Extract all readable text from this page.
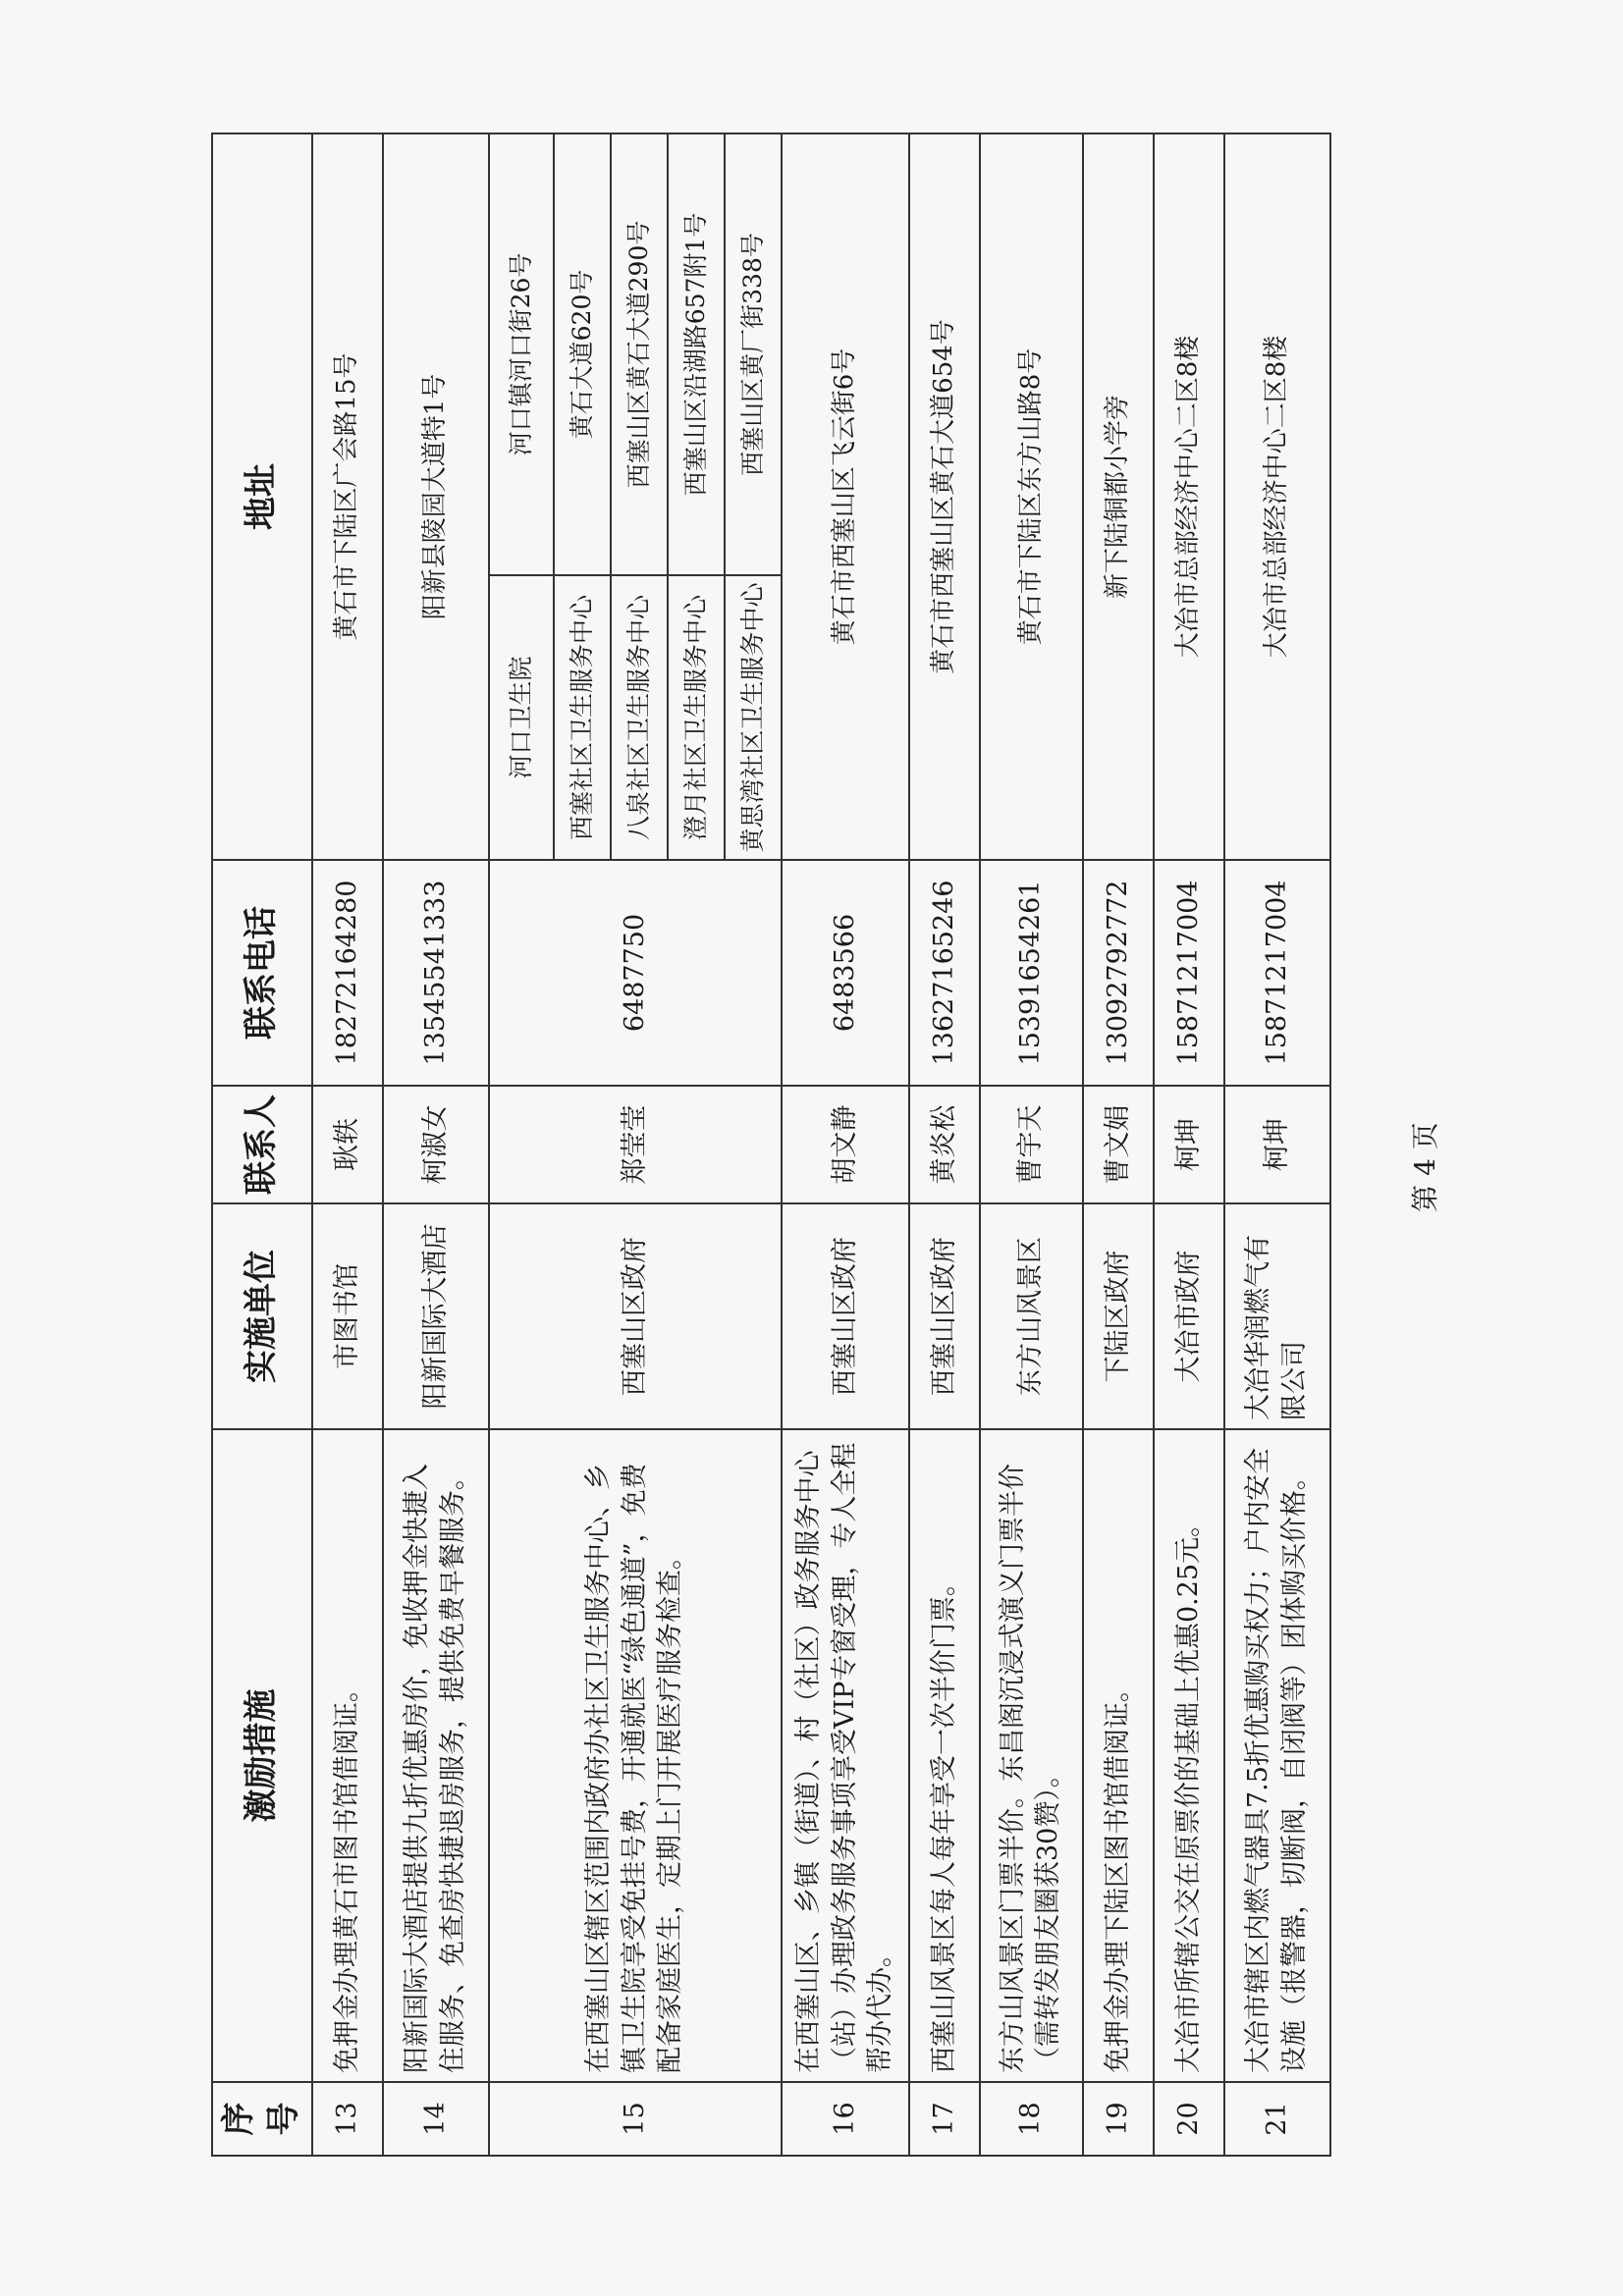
序号	激励措施	实施单位	联系人	联系电话	地址	
13	免押金办理黄石市图书馆借阅证。	市图书馆	耿轶	18272164280	黄石市下陆区广会路15号	
14	阳新国际大酒店提供九折优惠房价，免收押金快捷入住服务、免查房快捷退房服务，提供免费早餐服务。	阳新国际大酒店	柯淑女	13545541333	阳新县陵园大道特1号	
15	在西塞山区辖区范围内政府办社区卫生服务中心、乡镇卫生院享受免挂号费，开通就医“绿色通道”，免费配备家庭医生，定期上门开展医疗服务检查。	西塞山区政府	郑莹莹	6487750	河口卫生院	河口镇河口街26号
					西塞社区卫生服务中心	黄石大道620号
					八泉社区卫生服务中心	西塞山区黄石大道290号
					澄月社区卫生服务中心	西塞山区沿湖路657附1号
					黄思湾社区卫生服务中心	西塞山区黄厂街338号
16	在西塞山区、乡镇（街道）、村（社区）政务服务中心（站）办理政务服务事项享受VIP专窗受理，专人全程帮办代办。	西塞山区政府	胡文静	6483566	黄石市西塞山区飞云街6号	
17	西塞山风景区每人每年享受一次半价门票。	西塞山区政府	黄炎松	13627165246	黄石市西塞山区黄石大道654号	
18	东方山风景区门票半价。东昌阁沉浸式演义门票半价（需转发朋友圈获30赞）。	东方山风景区	曹宇天	15391654261	黄石市下陆区东方山路8号	
19	免押金办理下陆区图书馆借阅证。	下陆区政府	曹文娟	13092792772	新下陆铜都小学旁	
20	大冶市所辖公交在原票价的基础上优惠0.25元。	大冶市政府	柯坤	15871217004	大冶市总部经济中心二区8楼	
21	大冶市辖区内燃气器具7.5折优惠购买权力；户内安全设施（报警器，切断阀，自闭阀等）团体购买价格。	大冶华润燃气有限公司	柯坤	15871217004	大冶市总部经济中心二区8楼	
第 4 页
